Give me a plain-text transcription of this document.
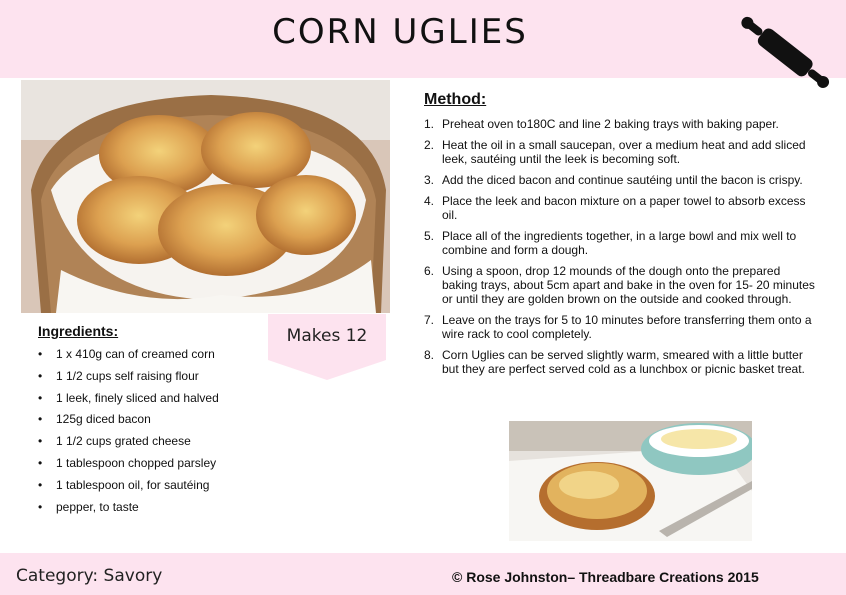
CORN UGLIES
Makes 12
Ingredients:
• 1 x 410g can of creamed corn
• 1 1/2 cups self raising flour
• 1 leek, finely sliced and halved
• 125g diced bacon
• 1 1/2 cups grated cheese
• 1 tablespoon chopped parsley
• 1 tablespoon oil, for sautéing
• pepper, to taste
Method:
1. Preheat oven to180C and line 2 baking trays with baking paper.
2. Heat the oil in a small saucepan, over a medium heat and add sliced leek, sautéing until the leek is becoming soft.
3. Add the diced bacon and continue sautéing until the bacon is crispy.
4. Place the leek and bacon mixture on a paper towel to absorb excess oil.
5. Place all of the ingredients together, in a large bowl and mix well to combine and form a dough.
6. Using a spoon, drop 12 mounds of the dough onto the prepared baking trays, about 5cm apart and bake in the oven for 15- 20 minutes or until they are golden brown on the outside and cooked through.
7. Leave on the trays for 5 to 10 minutes before transferring them onto a wire rack to cool completely.
8. Corn Uglies can be served slightly warm, smeared with a little butter but they are perfect served cold as a lunchbox or picnic basket treat.
Category: Savory	© Rose Johnston– Threadbare Creations 2015
